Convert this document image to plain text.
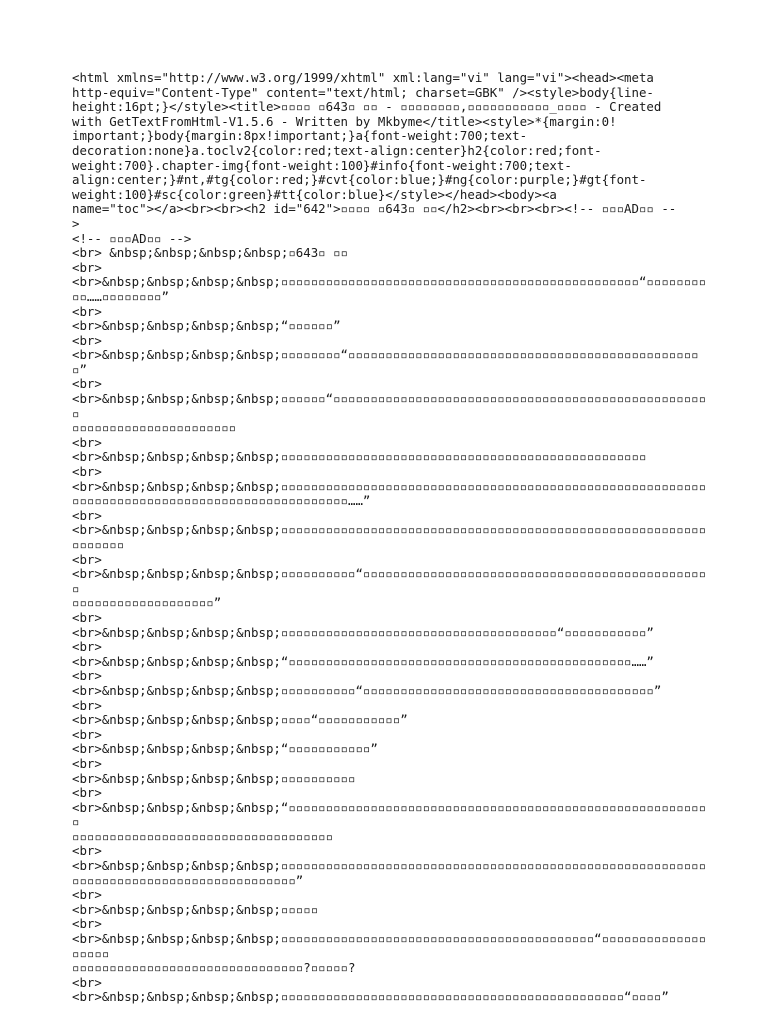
<html xmlns="http://www.w3.org/1999/xhtml" xml:lang="vi" lang="vi"><head><meta
http-equiv="Content-Type" content="text/html; charset=GBK" /><style>body{line-
height:16pt;}</style><title>▫▫▫▫ ▫643▫ ▫▫ - ▫▫▫▫▫▫▫▫,▫▫▫▫▫▫▫▫▫▫▫_▫▫▫▫ - Created
with GetTextFromHtml-V1.5.6 - Written by Mkbyme</title><style>*{margin:0!
important;}body{margin:8px!important;}a{font-weight:700;text-
decoration:none}a.toclv2{color:red;text-align:center}h2{color:red;font-
weight:700}.chapter-img{font-weight:100}#info{font-weight:700;text-
align:center;}#nt,#tg{color:red;}#cvt{color:blue;}#ng{color:purple;}#gt{font-
weight:100}#sc{color:green}#tt{color:blue}</style></head><body><a
name="toc"></a><br><br><h2 id="642">▫▫▫▫ ▫643▫ ▫▫</h2><br><br><br><!-- ▫▫▫AD▫▫ --
>
<!-- ▫▫▫AD▫▫ -->
<br> &nbsp;&nbsp;&nbsp;&nbsp;▫643▫ ▫▫
<br>
<br>&nbsp;&nbsp;&nbsp;&nbsp;▫▫▫▫▫▫▫▫▫▫▫▫▫▫▫▫▫▫▫▫▫▫▫▫▫▫▫▫▫▫▫▫▫▫▫▫▫▫▫▫▫▫▫▫▫▫▫▫“▫▫▫▫▫▫▫▫
▫▫……▫▫▫▫▫▫▫▫”
<br>
<br>&nbsp;&nbsp;&nbsp;&nbsp;“▫▫▫▫▫▫”
<br>
<br>&nbsp;&nbsp;&nbsp;&nbsp;▫▫▫▫▫▫▫▫“▫▫▫▫▫▫▫▫▫▫▫▫▫▫▫▫▫▫▫▫▫▫▫▫▫▫▫▫▫▫▫▫▫▫▫▫▫▫▫▫▫▫▫▫▫▫▫▫”
<br>
<br>&nbsp;&nbsp;&nbsp;&nbsp;▫▫▫▫▫▫“▫▫▫▫▫▫▫▫▫▫▫▫▫▫▫▫▫▫▫▫▫▫▫▫▫▫▫▫▫▫▫▫▫▫▫▫▫▫▫▫▫▫▫▫▫▫▫▫▫▫▫
▫▫▫▫▫▫▫▫▫▫▫▫▫▫▫▫▫▫▫▫▫▫
<br>
<br>&nbsp;&nbsp;&nbsp;&nbsp;▫▫▫▫▫▫▫▫▫▫▫▫▫▫▫▫▫▫▫▫▫▫▫▫▫▫▫▫▫▫▫▫▫▫▫▫▫▫▫▫▫▫▫▫▫▫▫▫▫
<br>
<br>&nbsp;&nbsp;&nbsp;&nbsp;▫▫▫▫▫▫▫▫▫▫▫▫▫▫▫▫▫▫▫▫▫▫▫▫▫▫▫▫▫▫▫▫▫▫▫▫▫▫▫▫▫▫▫▫▫▫▫▫▫▫▫▫▫▫▫▫▫
▫▫▫▫▫▫▫▫▫▫▫▫▫▫▫▫▫▫▫▫▫▫▫▫▫▫▫▫▫▫▫▫▫▫▫▫▫……”
<br>
<br>&nbsp;&nbsp;&nbsp;&nbsp;▫▫▫▫▫▫▫▫▫▫▫▫▫▫▫▫▫▫▫▫▫▫▫▫▫▫▫▫▫▫▫▫▫▫▫▫▫▫▫▫▫▫▫▫▫▫▫▫▫▫▫▫▫▫▫▫▫
▫▫▫▫▫▫▫
<br>
<br>&nbsp;&nbsp;&nbsp;&nbsp;▫▫▫▫▫▫▫▫▫▫“▫▫▫▫▫▫▫▫▫▫▫▫▫▫▫▫▫▫▫▫▫▫▫▫▫▫▫▫▫▫▫▫▫▫▫▫▫▫▫▫▫▫▫▫▫▫▫
▫▫▫▫▫▫▫▫▫▫▫▫▫▫▫▫▫▫▫”
<br>
<br>&nbsp;&nbsp;&nbsp;&nbsp;▫▫▫▫▫▫▫▫▫▫▫▫▫▫▫▫▫▫▫▫▫▫▫▫▫▫▫▫▫▫▫▫▫▫▫▫▫“▫▫▫▫▫▫▫▫▫▫▫”
<br>
<br>&nbsp;&nbsp;&nbsp;&nbsp;“▫▫▫▫▫▫▫▫▫▫▫▫▫▫▫▫▫▫▫▫▫▫▫▫▫▫▫▫▫▫▫▫▫▫▫▫▫▫▫▫▫▫▫▫▫▫……”
<br>
<br>&nbsp;&nbsp;&nbsp;&nbsp;▫▫▫▫▫▫▫▫▫▫“▫▫▫▫▫▫▫▫▫▫▫▫▫▫▫▫▫▫▫▫▫▫▫▫▫▫▫▫▫▫▫▫▫▫▫▫▫▫▫”
<br>
<br>&nbsp;&nbsp;&nbsp;&nbsp;▫▫▫▫“▫▫▫▫▫▫▫▫▫▫▫”
<br>
<br>&nbsp;&nbsp;&nbsp;&nbsp;“▫▫▫▫▫▫▫▫▫▫▫”
<br>
<br>&nbsp;&nbsp;&nbsp;&nbsp;▫▫▫▫▫▫▫▫▫▫
<br>
<br>&nbsp;&nbsp;&nbsp;&nbsp;“▫▫▫▫▫▫▫▫▫▫▫▫▫▫▫▫▫▫▫▫▫▫▫▫▫▫▫▫▫▫▫▫▫▫▫▫▫▫▫▫▫▫▫▫▫▫▫▫▫▫▫▫▫▫▫▫▫
▫▫▫▫▫▫▫▫▫▫▫▫▫▫▫▫▫▫▫▫▫▫▫▫▫▫▫▫▫▫▫▫▫▫▫
<br>
<br>&nbsp;&nbsp;&nbsp;&nbsp;▫▫▫▫▫▫▫▫▫▫▫▫▫▫▫▫▫▫▫▫▫▫▫▫▫▫▫▫▫▫▫▫▫▫▫▫▫▫▫▫▫▫▫▫▫▫▫▫▫▫▫▫▫▫▫▫▫
▫▫▫▫▫▫▫▫▫▫▫▫▫▫▫▫▫▫▫▫▫▫▫▫▫▫▫▫▫▫”
<br>
<br>&nbsp;&nbsp;&nbsp;&nbsp;▫▫▫▫▫
<br>
<br>&nbsp;&nbsp;&nbsp;&nbsp;▫▫▫▫▫▫▫▫▫▫▫▫▫▫▫▫▫▫▫▫▫▫▫▫▫▫▫▫▫▫▫▫▫▫▫▫▫▫▫▫▫▫“▫▫▫▫▫▫▫▫▫▫▫▫▫▫▫▫▫▫▫
▫▫▫▫▫▫▫▫▫▫▫▫▫▫▫▫▫▫▫▫▫▫▫▫▫▫▫▫▫▫▫?▫▫▫▫▫?
<br>
<br>&nbsp;&nbsp;&nbsp;&nbsp;▫▫▫▫▫▫▫▫▫▫▫▫▫▫▫▫▫▫▫▫▫▫▫▫▫▫▫▫▫▫▫▫▫▫▫▫▫▫▫▫▫▫▫▫▫▫“▫▫▫▫”
